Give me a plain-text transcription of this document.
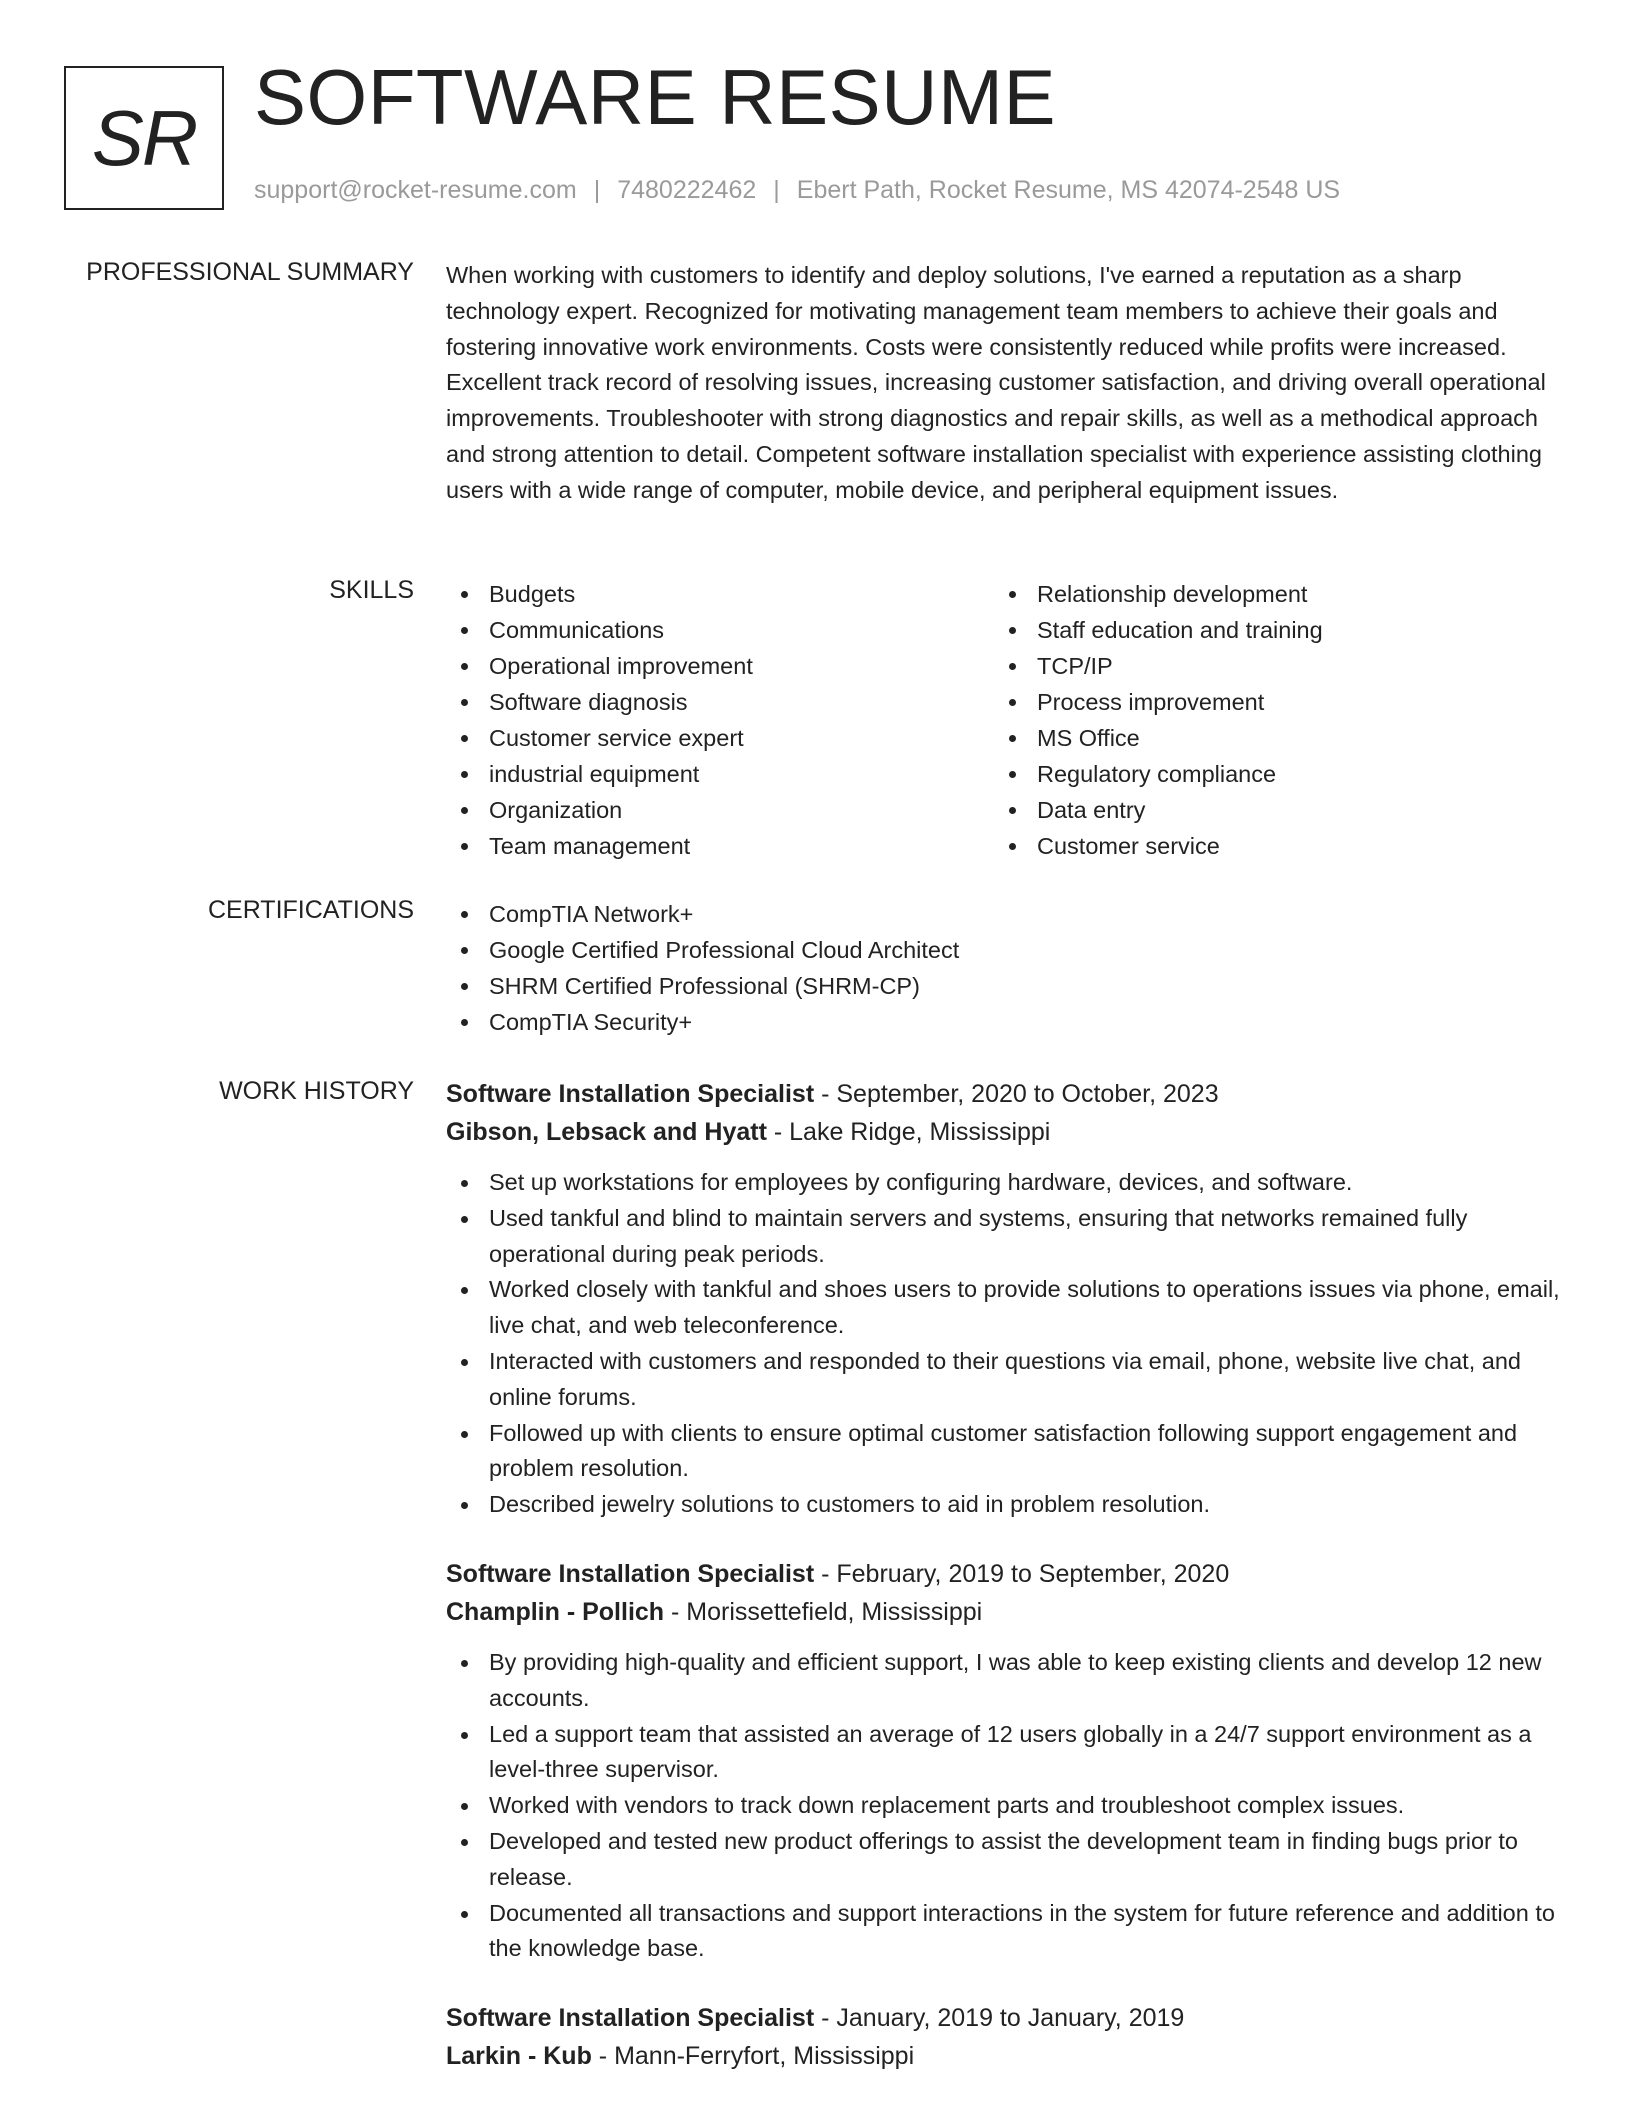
SR SOFTWARE RESUME
support@rocket-resume.com | 7480222462 | Ebert Path, Rocket Resume, MS 42074-2548 US
PROFESSIONAL SUMMARY When working with customers to identify and deploy solutions, I've earned a reputation as a sharp technology expert. Recognized for motivating management team members to achieve their goals and fostering innovative work environments. Costs were consistently reduced while profits were increased. Excellent track record of resolving issues, increasing customer satisfaction, and driving overall operational improvements. Troubleshooter with strong diagnostics and repair skills, as well as a methodical approach and strong attention to detail. Competent software installation specialist with experience assisting clothing users with a wide range of computer, mobile device, and peripheral equipment issues.

SKILLS	Budgets
Communications
Operational improvement
Software diagnosis
Customer service expert
industrial equipment
Organization
Team management
Relationship development
Staff education and training
TCP/IP
Process improvement
MS Office
Regulatory compliance
Data entry
Customer service
CERTIFICATIONS	CompTIA Network+
Google Certified Professional Cloud Architect
SHRM Certified Professional (SHRM-CP)
CompTIA Security+
WORK HISTORY Software Installation Specialist - September, 2020 to October, 2023
Gibson, Lebsack and Hyatt - Lake Ridge, Mississippi
Set up workstations for employees by configuring hardware, devices, and software.
Used tankful and blind to maintain servers and systems, ensuring that networks remained fully operational during peak periods.
Worked closely with tankful and shoes users to provide solutions to operations issues via phone, email, live chat, and web teleconference.
Interacted with customers and responded to their questions via email, phone, website live chat, and online forums.
Followed up with clients to ensure optimal customer satisfaction following support engagement and problem resolution.
Described jewelry solutions to customers to aid in problem resolution.
Software Installation Specialist - February, 2019 to September, 2020
Champlin - Pollich - Morissettefield, Mississippi
By providing high-quality and efficient support, I was able to keep existing clients and develop 12 new accounts.
Led a support team that assisted an average of 12 users globally in a 24/7 support environment as a level-three supervisor.
Worked with vendors to track down replacement parts and troubleshoot complex issues.
Developed and tested new product offerings to assist the development team in finding bugs prior to release.
Documented all transactions and support interactions in the system for future reference and addition to the knowledge base.
Software Installation Specialist - January, 2019 to January, 2019
Larkin - Kub - Mann-Ferryfort, Mississippi
